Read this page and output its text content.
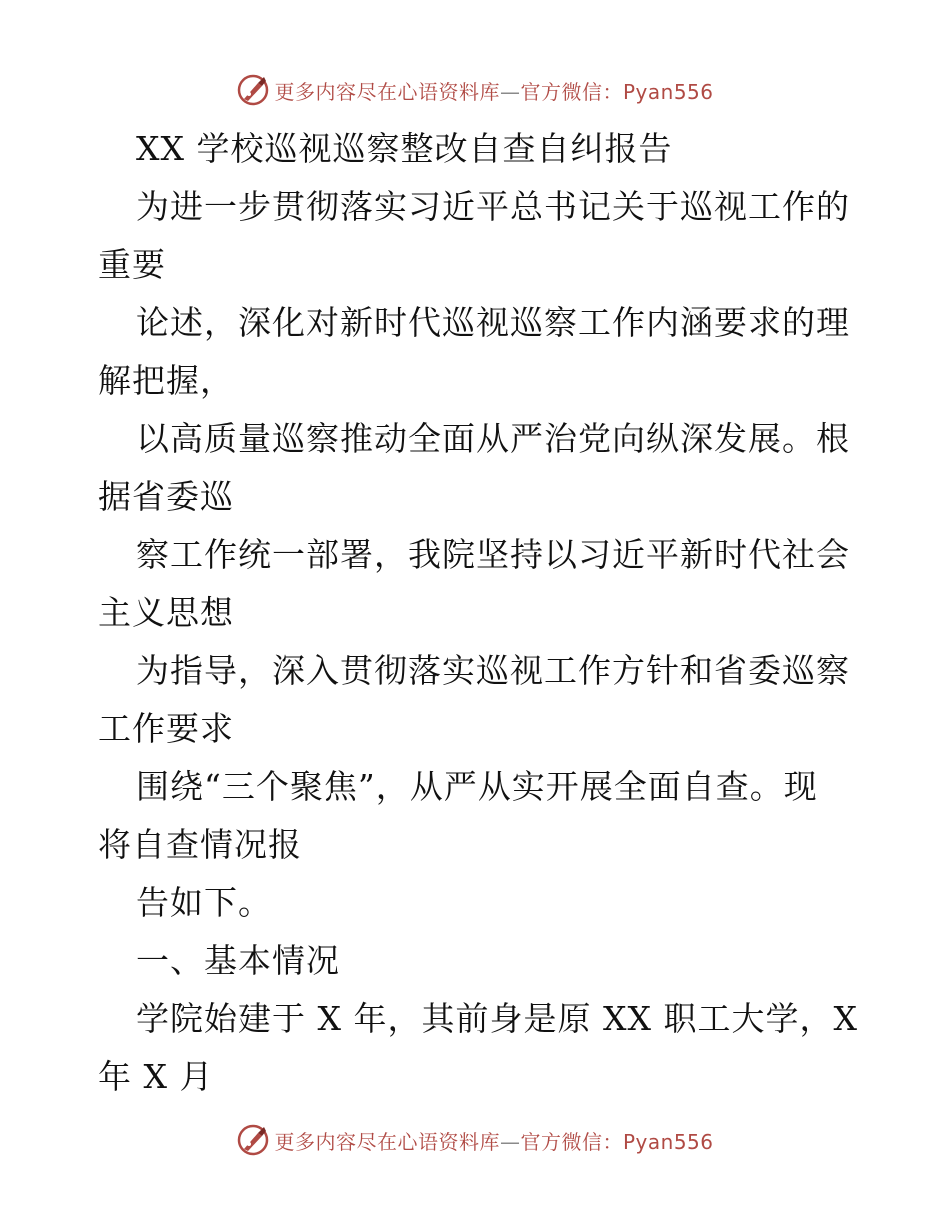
更多内容尽在心语资料库—官方微信：Pyan556
XX 学校巡视巡察整改自查自纠报告
为进一步贯彻落实习近平总书记关于巡视工作的
重要
论述，深化对新时代巡视巡察工作内涵要求的理
解把握，
以高质量巡察推动全面从严治党向纵深发展。根
据省委巡
察工作统一部署，我院坚持以习近平新时代社会
主义思想
为指导，深入贯彻落实巡视工作方针和省委巡察
工作要求
围绕“三个聚焦”，从严从实开展全面自查。现
将自查情况报
告如下。
一、基本情况
学院始建于 X 年，其前身是原 XX 职工大学，X
年 X 月
更多内容尽在心语资料库—官方微信：Pyan556
